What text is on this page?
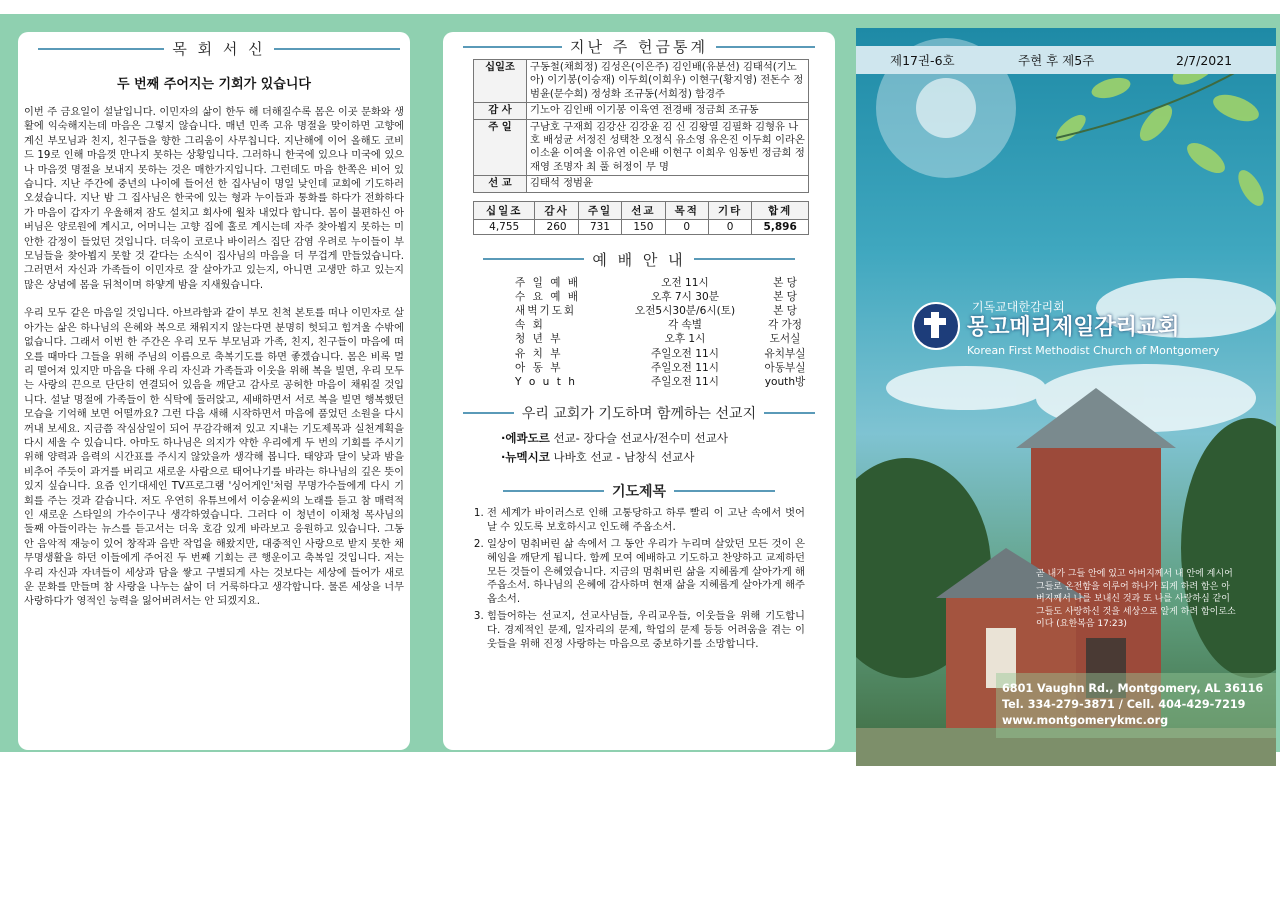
목 회 서 신
두 번째 주어지는 기회가 있습니다

이번 주 금요일이 설날입니다. 이민자의 삶이 한두 해 더해질수록 몸은 이곳 문화와 생활에 익숙해지는데 마음은 그렇지 않습니다. 매년 민족 고유 명절을 맞이하면 고향에 계신 부모님과 친지, 친구들을 향한 그리움이 사무칩니다. 지난해에 이어 올해도 코비드 19로 인해 마음껏 만나지 못하는 상황입니다. 그러하니 한국에 있으나 미국에 있으나 마음껏 명절을 보내지 못하는 것은 매한가지입니다. 그런데도 마음 한쪽은 비어 있습니다. 지난 주간에 중년의 나이에 들어선 한 집사님이 명일 낮인데 교회에 기도하러 오셨습니다. 지난 밤 그 집사님은 한국에 있는 형과 누이들과 통화를 하다가 전화하다가 마음이 갑자기 우울해져 잠도 설치고 회사에 월차 내었다 합니다. 몸이 불편하신 아버님은 양로원에 계시고, 어머니는 고향 집에 홀로 계시는데 자주 찾아뵙지 못하는 미안한 감정이 들었던 것입니다. 더욱이 코로나 바이러스 집단 감염 우려로 누이들이 부모님들을 찾아뵙지 못할 것 같다는 소식이 집사님의 마음을 더 무겁게 만들었습니다. 그러면서 자신과 가족들이 이민자로 잘 살아가고 있는지, 아니면 고생만 하고 있는지 많은 상념에 몸을 뒤척이며 하얗게 밤을 지새웠습니다.

우리 모두 같은 마음일 것입니다. 아브라함과 같이 부모 친척 본토를 떠나 이민자로 살아가는 삶은 하나님의 은혜와 복으로 채워지지 않는다면 분명히 헛되고 힘겨울 수밖에 없습니다. 그래서 이번 한 주간은 우리 모두 부모님과 가족, 친지, 친구들이 마음에 떠오를 때마다 그들을 위해 주님의 이름으로 축복기도를 하면 좋겠습니다. 몸은 비록 멀리 떨어져 있지만 마음을 다해 우리 자신과 가족들과 이웃을 위해 복을 빌면, 우리 모두는 사랑의 끈으로 단단히 연결되어 있음을 깨닫고 감사로 공허한 마음이 채워질 것입니다. 설날 명절에 가족들이 한 식탁에 둘러앉고, 세배하면서 서로 복을 빌면 행복했던 모습을 기억해 보면 어떨까요? 그런 다음 새해 시작하면서 마음에 품었던 소원을 다시 꺼내 보세요. 지금쯤 작심삼일이 되어 무감각해져 있고 지내는 기도제목과 실천계획을 다시 세울 수 있습니다. 아마도 하나님은 의지가 약한 우리에게 두 번의 기회를 주시기 위해 양력과 음력의 시간표를 주시지 않았을까 생각해 봅니다. 태양과 달이 낮과 밤을 비추어 주듯이 과거를 버리고 새로운 사람으로 태어나기를 바라는 하나님의 깊은 뜻이 있지 싶습니다. 요즘 인기대세인 TV프로그램 '싱어게인'처럼 무명가수들에게 다시 기회를 주는 것과 같습니다. 저도 우연히 유튜브에서 이승윤씨의 노래를 듣고 참 매력적인 새로운 스타일의 가수이구나 생각하였습니다. 그러다 이 청년이 이채청 목사님의 둘째 아들이라는 뉴스를 듣고서는 더욱 호감 있게 바라보고 응원하고 있습니다. 그동안 음악적 재능이 있어 창작과 음반 작업을 해왔지만, 대중적인 사랑으로 받지 못한 채 무명생활을 하던 이들에게 주어진 두 번째 기회는 큰 행운이고 축복일 것입니다. 저는 우리 자신과 자녀들이 세상과 담을 쌓고 구별되게 사는 것보다는 세상에 들어가 새로운 문화를 만들며 참 사랑을 나누는 삶이 더 거룩하다고 생각합니다. 물론 세상을 너무 사랑하다가 영적인 능력을 잃어버려서는 안 되겠지요.

지난 주 헌금통계
십일조	구동철(채희정) 김성은(이은주) 김인배(유분선) 김태석(기노아) 이기봉(이승재) 이두희(이희우) 이현구(황지영) 전돈수 정범윤(문수희) 정성화 조규동(서희정) 함경주
감 사	기노아 김인배 이기봉 이육연 전경배 정금희 조규동
주 일	구남호 구재희 김강산 김강윤 김 신 김왕열 김필화 김형유 나 호 배성균 서정진 성택찬 오정식 유소영 유은진 이두희 이라온 이소윤 이여울 이유연 이은배 이현구 이희우 임동빈 정금희 정재영 조명자 최 풀 허정이 무 명
선 교	김태석 정범윤
십일조	감사	주일	선교	목적	기타	합계
4,755	260	731	150	0	0	5,896
예 배 안 내
주 일 예 배	오전 11시	본 당
수 요 예 배	오후 7시 30분	본 당
새벽기도회	오전5시30분/6시(토)	본 당
속 회	각 속별	각 가정
청 년 부	오후 1시	도서실
유 치 부	주일오전 11시	유치부실
아 동 부	주일오전 11시	아동부실
Y o u t h	주일오전 11시	youth방
우리 교회가 기도하며 함께하는 선교지
·에콰도르 선교- 장다슬 선교사/전수미 선교사
·뉴멕시코 나바호 선교 - 남창식 선교사
기도제목
1. 전 세계가 바이러스로 인해 고통당하고 하루 빨리 이 고난 속에서 벗어날 수 있도록 보호하시고 인도해 주옵소서.
2. 일상이 멈춰버린 삶 속에서 그 동안 우리가 누리며 살았던 모든 것이 은혜임을 깨닫게 됩니다. 함께 모여 예배하고 기도하고 찬양하고 교제하던 모든 것들이 은혜였습니다. 지금의 멈춰버린 삶을 지혜롭게 살아가게 해주옵소서. 하나님의 은혜에 감사하며 현재 삶을 지혜롭게 살아가게 해주옵소서.
3. 힘들어하는 선교지, 선교사님들, 우리교우들, 이웃들을 위해 기도합니다. 경제적인 문제, 일자리의 문제, 학업의 문제 등등 어려움을 겪는 이웃들을 위해 진정 사랑하는 마음으로 중보하기를 소망합니다.
제17권-6호	주현 후 제5주	2/7/2021
기독교대한감리회
몽고메리제일감리교회
Korean First Methodist Church of Montgomery
곧 내가 그들 안에 있고 아버지께서 내 안에 계시어 그들로 온전함을 이루어 하나가 되게 하려 함은 아버지께서 나를 보내신 것과 또 나를 사랑하심 같이 그들도 사랑하신 것을 세상으로 알게 하려 함이로소이다 (요한복음 17:23)
6801 Vaughn Rd., Montgomery, AL 36116
Tel. 334-279-3871 / Cell. 404-429-7219
www.montgomerykmc.org
